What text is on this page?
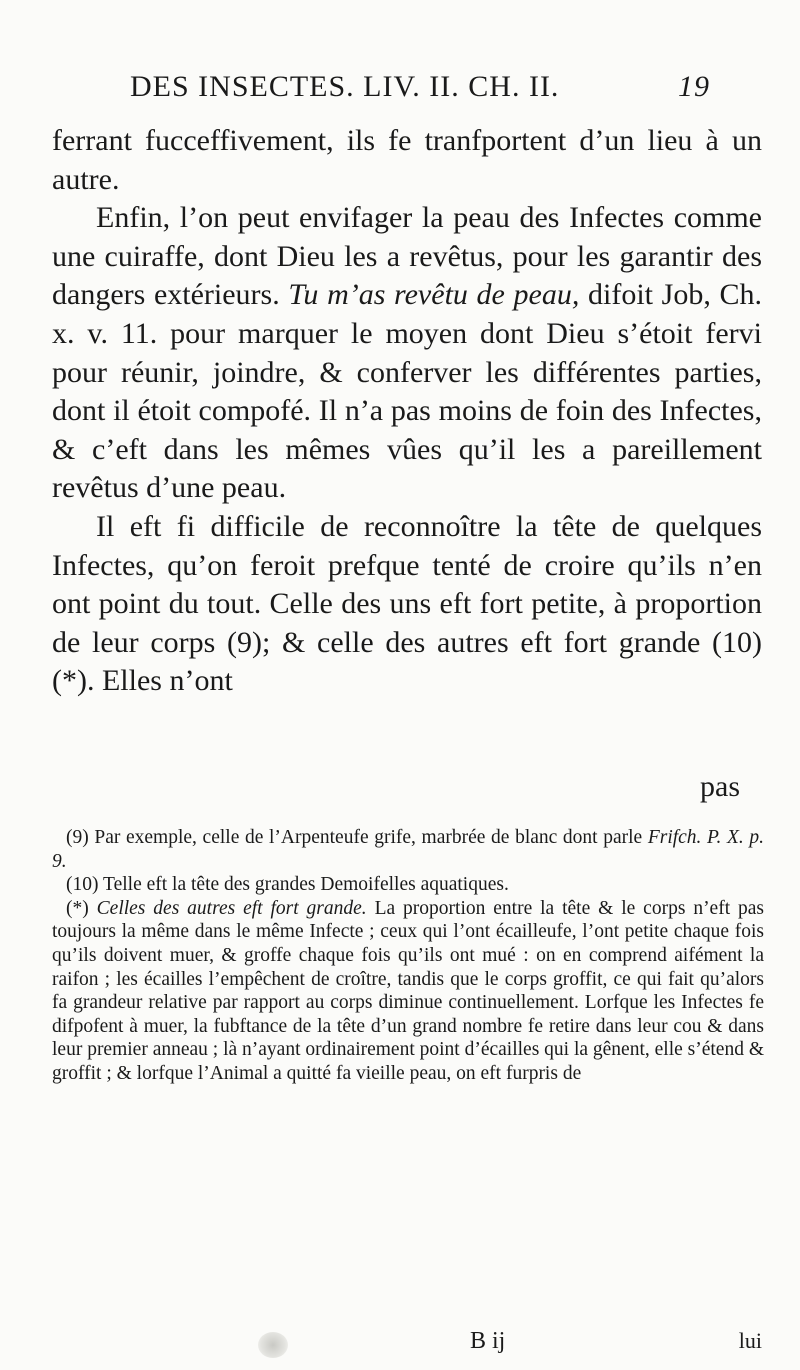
DES INSECTES. LIV. II. CH. II.	19

ferrant fucceffivement, ils fe tranfportent d’un lieu à un autre.

Enfin, l’on peut envifager la peau des Infectes comme une cuiraffe, dont Dieu les a revêtus, pour les garantir des dangers extérieurs. Tu m’as revêtu de peau, difoit Job, Ch. x. v. 11. pour marquer le moyen dont Dieu s’étoit fervi pour réunir, joindre, & conferver les différentes parties, dont il étoit compofé. Il n’a pas moins de foin des Infectes, & c’eft dans les mêmes vûes qu’il les a pareillement revêtus d’une peau.

Il eft fi difficile de reconnoître la tête de quelques Infectes, qu’on feroit prefque tenté de croire qu’ils n’en ont point du tout. Celle des uns eft fort petite, à proportion de leur corps (9); & celle des autres eft fort grande (10) (*). Elles n’ont

pas

(9) Par exemple, celle de l’Arpenteufe grife, marbrée de blanc dont parle Frifch. P. X. p. 9.

(10) Telle eft la tête des grandes Demoifelles aquatiques.

(*) Celles des autres eft fort grande. La proportion entre la tête & le corps n’eft pas toujours la même dans le même Infecte ; ceux qui l’ont écailleufe, l’ont petite chaque fois qu’ils doivent muer, & groffe chaque fois qu’ils ont mué : on en comprend aifément la raifon ; les écailles l’empêchent de croître, tandis que le corps groffit, ce qui fait qu’alors fa grandeur relative par rapport au corps diminue continuellement. Lorfque les Infectes fe difpofent à muer, la fubftance de la tête d’un grand nombre fe retire dans leur cou & dans leur premier anneau ; là n’ayant ordinairement point d’écailles qui la gênent, elle s’étend & groffit ; & lorfque l’Animal a quitté fa vieille peau, on eft furpris de

B ij	lui
